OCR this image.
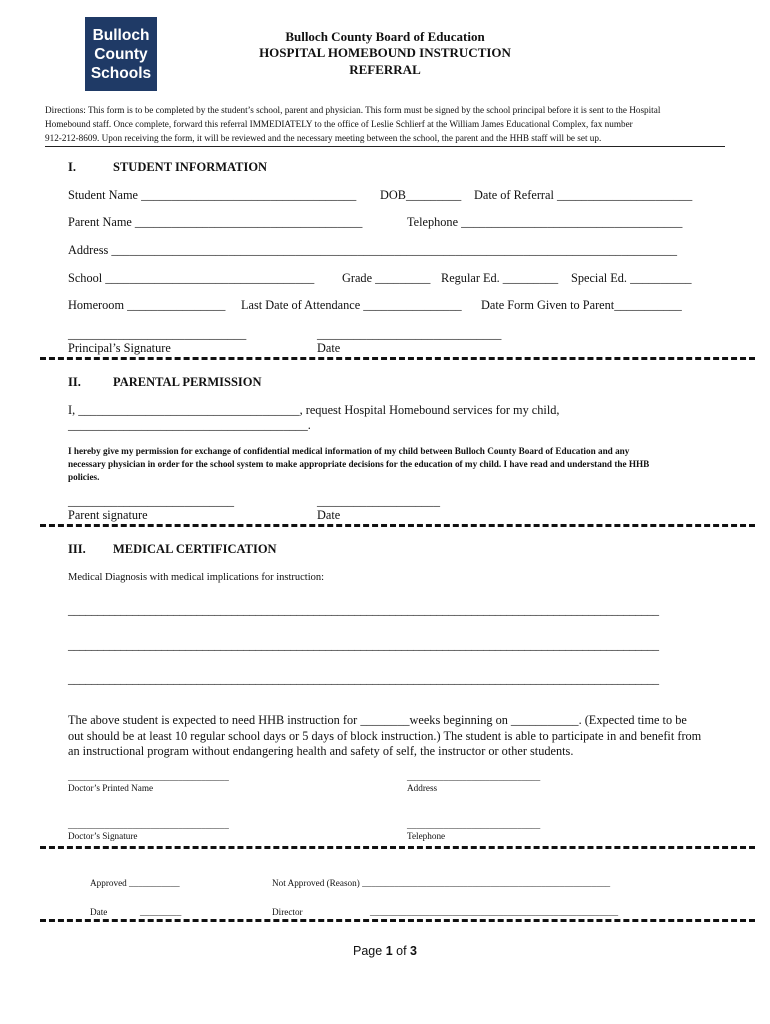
Bulloch
County
Schools
Bulloch County Board of Education
HOSPITAL HOMEBOUND INSTRUCTION
REFERRAL
Directions: This form is to be completed by the student’s school, parent and physician. This form must be signed by the school principal before it is sent to the Hospital
Homebound staff. Once complete, forward this referral IMMEDIATELY to the office of Leslie Schlierf at the William James Educational Complex, fax number
912-212-8609. Upon receiving the form, it will be reviewed and the necessary meeting between the school, the parent and the HHB staff will be set up.
I.	STUDENT INFORMATION
Student Name ___________________________________ DOB_________ Date of Referral ______________________
Parent Name _____________________________________	Telephone ____________________________________
Address ____________________________________________________________________________________________
School __________________________________ Grade _________ Regular Ed. _________ Special Ed. __________
Homeroom ________________ Last Date of Attendance ________________ Date Form Given to Parent___________
_____________________________	______________________________
Principal’s Signature	Date
II.	PARENTAL PERMISSION
I, ____________________________________, request Hospital Homebound services for my child,
_______________________________________.
I hereby give my permission for exchange of confidential medical information of my child between Bulloch County Board of Education and any
necessary physician in order for the school system to make appropriate decisions for the education of my child. I have read and understand the HHB
policies.
___________________________	____________________
Parent signature	Date
III. MEDICAL CERTIFICATION
Medical Diagnosis with medical implications for instruction:
_____________________________________________________________________________________________________
_____________________________________________________________________________________________________
_____________________________________________________________________________________________________
The above student is expected to need HHB instruction for ________weeks beginning on ___________. (Expected time to be
out should be at least 10 regular school days or 5 days of block instruction.) The student is able to participate in and benefit from
an instructional program without endangering health and safety of self, the instructor or other students.
___________________________________	_____________________________
Doctor’s Printed Name	Address
___________________________________	_____________________________
Doctor’s Signature	Telephone
Approved ___________	Not Approved (Reason) ______________________________________________________
Date	_________	Director	______________________________________________________
Page 1 of 3
